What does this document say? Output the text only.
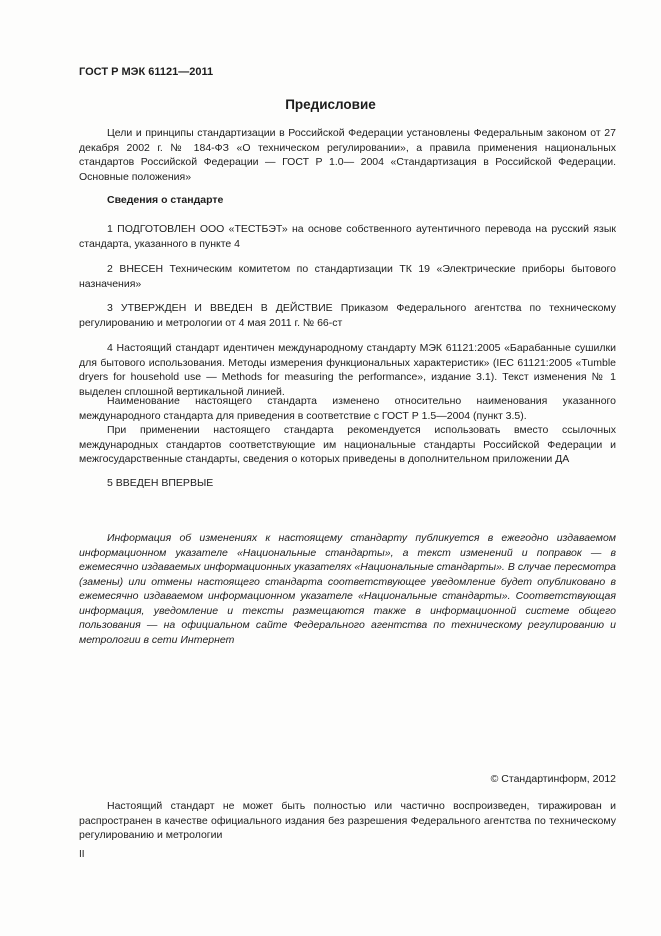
ГОСТ Р МЭК 61121—2011
Предисловие
Цели и принципы стандартизации в Российской Федерации установлены Федеральным законом от 27 декабря 2002 г. № 184-ФЗ «О техническом регулировании», а правила применения национальных стандартов Российской Федерации — ГОСТ Р 1.0— 2004 «Стандартизация в Российской Федерации. Основные положения»
Сведения о стандарте
1 ПОДГОТОВЛЕН ООО «ТЕСТБЭТ» на основе собственного аутентичного перевода на русский язык стандарта, указанного в пункте 4
2 ВНЕСЕН Техническим комитетом по стандартизации ТК 19 «Электрические приборы бытового назначения»
3 УТВЕРЖДЕН И ВВЕДЕН В ДЕЙСТВИЕ Приказом Федерального агентства по техническому регулированию и метрологии от 4 мая 2011 г. № 66-ст
4 Настоящий стандарт идентичен международному стандарту МЭК 61121:2005 «Барабанные сушилки для бытового использования. Методы измерения функциональных характеристик» (IEC 61121:2005 «Tumble dryers for household use — Methods for measuring the performance», издание 3.1). Текст изменения № 1 выделен сплошной вертикальной линией.
Наименование настоящего стандарта изменено относительно наименования указанного международного стандарта для приведения в соответствие с ГОСТ Р 1.5—2004 (пункт 3.5).
При применении настоящего стандарта рекомендуется использовать вместо ссылочных международных стандартов соответствующие им национальные стандарты Российской Федерации и межгосударственные стандарты, сведения о которых приведены в дополнительном приложении ДА
5 ВВЕДЕН ВПЕРВЫЕ
Информация об изменениях к настоящему стандарту публикуется в ежегодно издаваемом информационном указателе «Национальные стандарты», а текст изменений и поправок — в ежемесячно издаваемых информационных указателях «Национальные стандарты». В случае пересмотра (замены) или отмены настоящего стандарта соответствующее уведомление будет опубликовано в ежемесячно издаваемом информационном указателе «Национальные стандарты». Соответствующая информация, уведомление и тексты размещаются также в информационной системе общего пользования — на официальном сайте Федерального агентства по техническому регулированию и метрологии в сети Интернет
© Стандартинформ, 2012
Настоящий стандарт не может быть полностью или частично воспроизведен, тиражирован и распространен в качестве официального издания без разрешения Федерального агентства по техническому регулированию и метрологии
II
